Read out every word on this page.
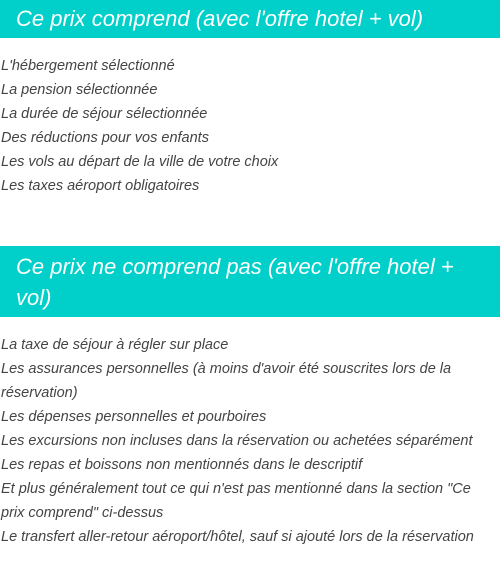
Ce prix comprend (avec l'offre hotel + vol)
L'hébergement sélectionné
La pension sélectionnée
La durée de séjour sélectionnée
Des réductions pour vos enfants
Les vols au départ de la ville de votre choix
Les taxes aéroport obligatoires
Ce prix ne comprend pas (avec l'offre hotel + vol)
La taxe de séjour à régler sur place
Les assurances personnelles (à moins d'avoir été souscrites lors de la réservation)
Les dépenses personnelles et pourboires
Les excursions non incluses dans la réservation ou achetées séparément
Les repas et boissons non mentionnés dans le descriptif
Et plus généralement tout ce qui n'est pas mentionné dans la section "Ce prix comprend" ci-dessus
Le transfert aller-retour aéroport/hôtel, sauf si ajouté lors de la réservation
